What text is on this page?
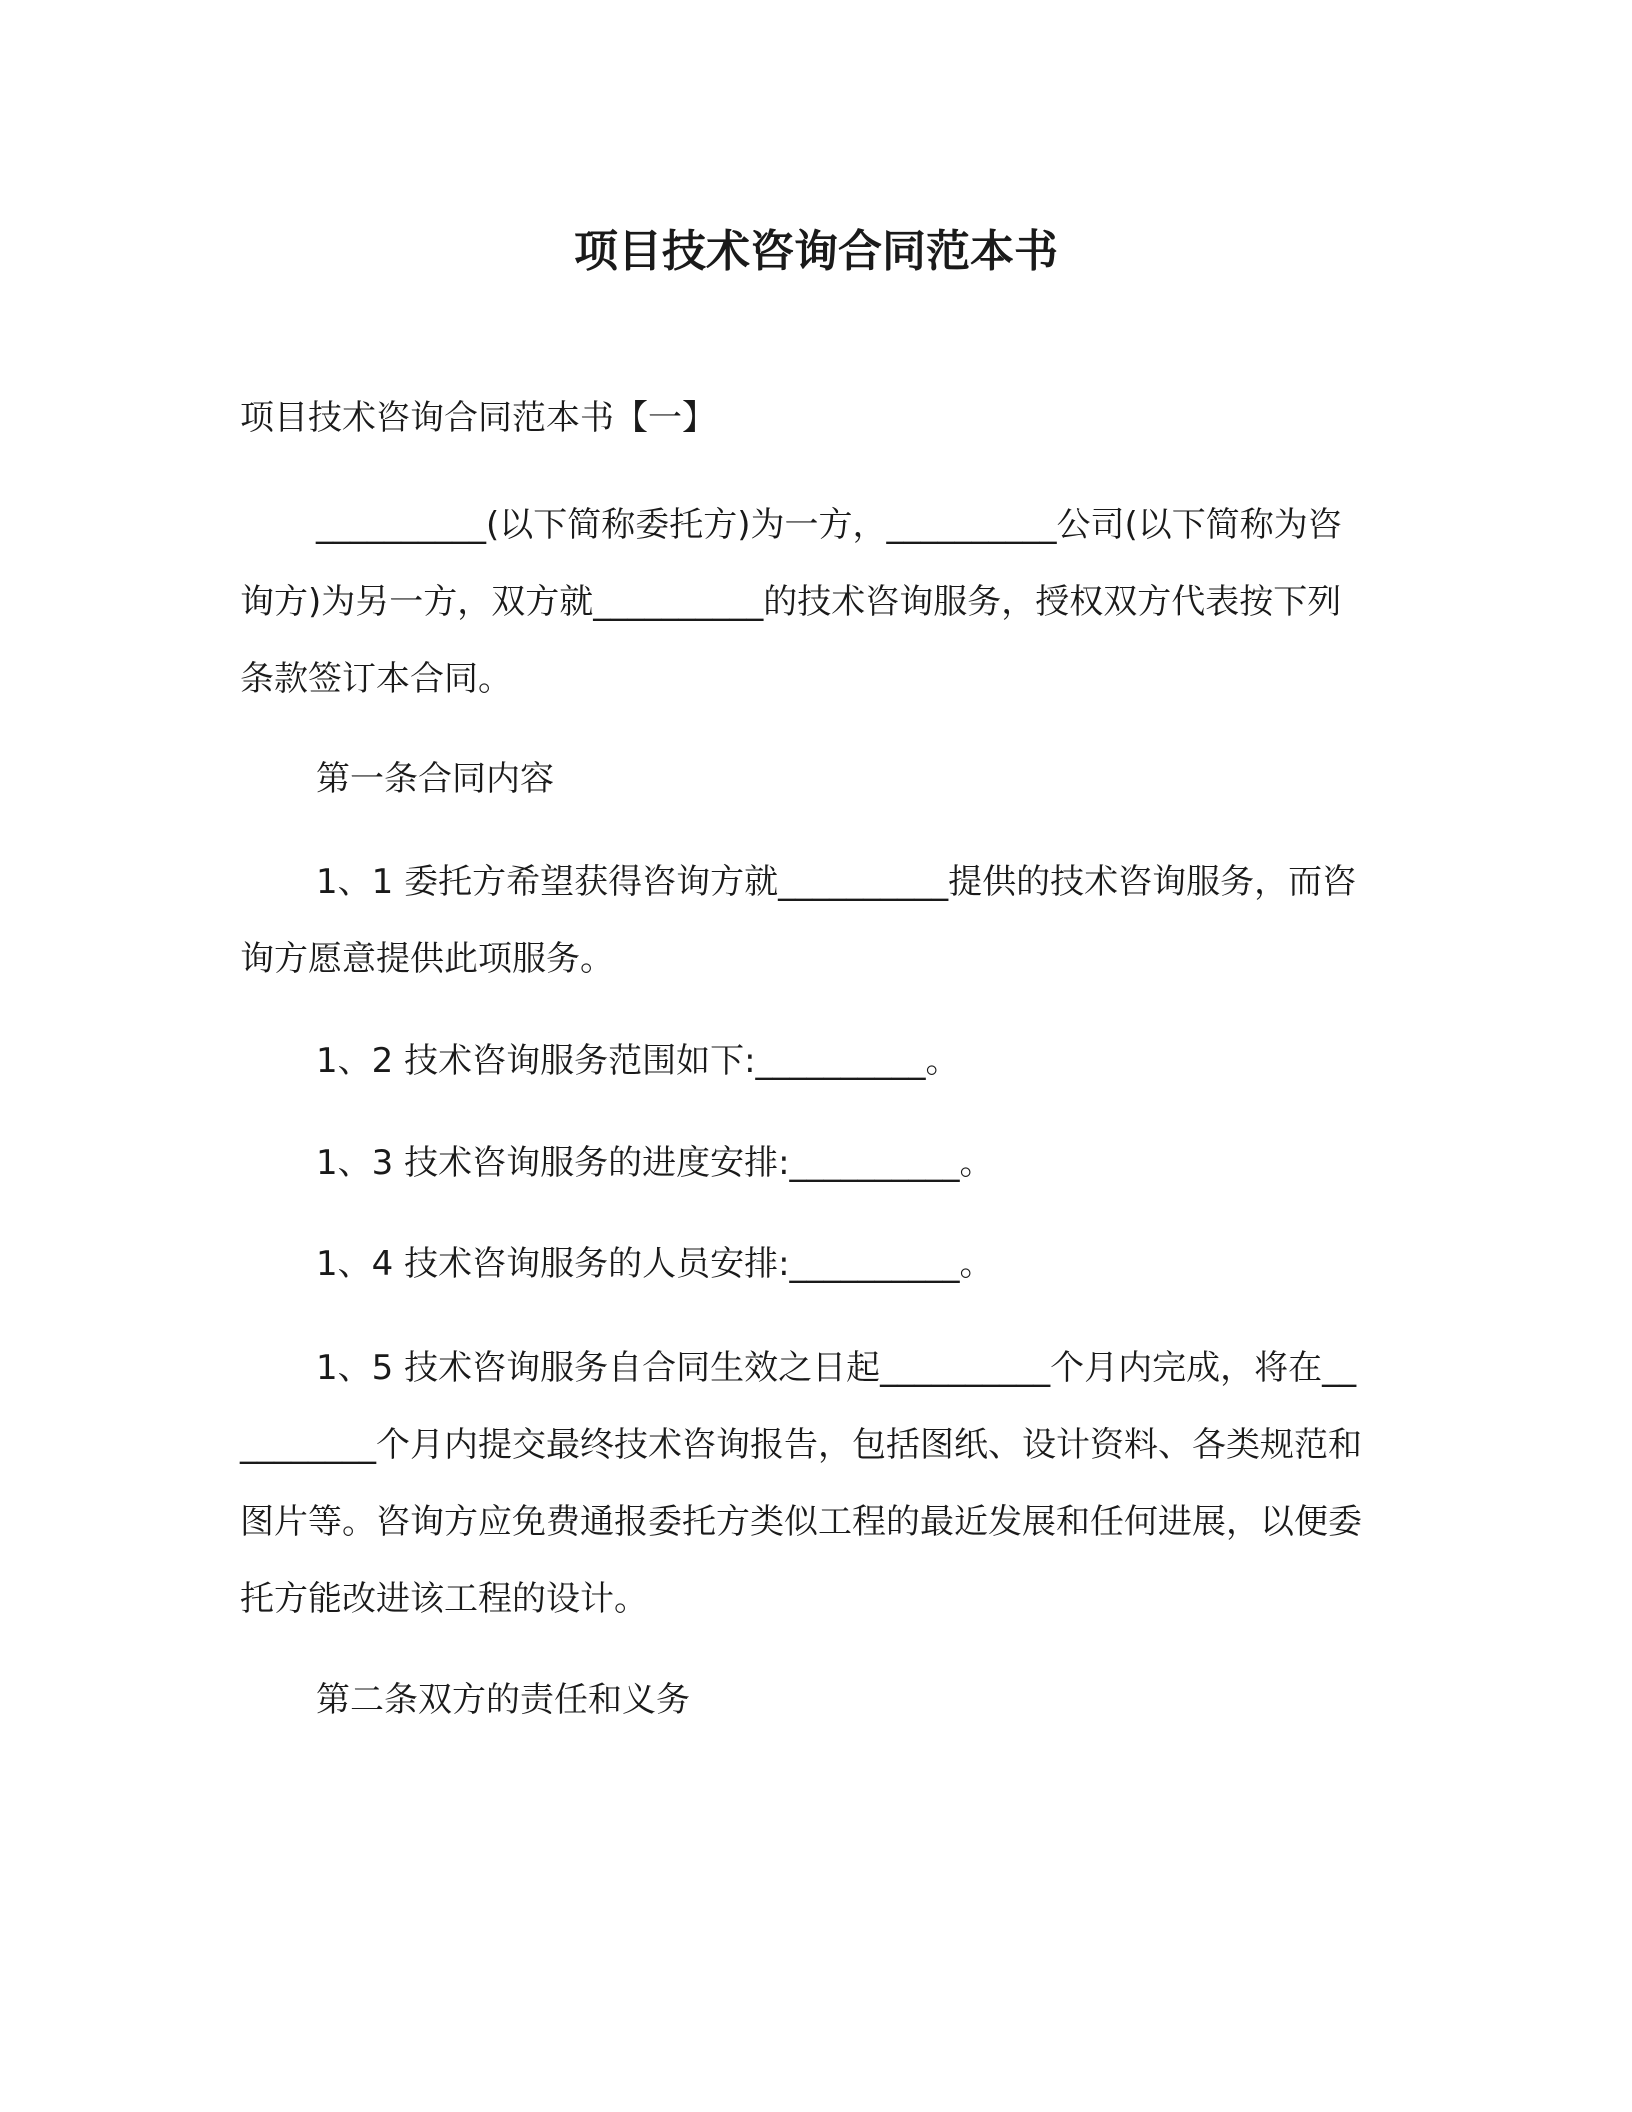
项目技术咨询合同范本书

项目技术咨询合同范本书【一】

__________(以下简称委托方)为一方，__________公司(以下简称为咨询方)为另一方，双方就__________的技术咨询服务，授权双方代表按下列条款签订本合同。

第一条合同内容

1、1 委托方希望获得咨询方就__________提供的技术咨询服务，而咨询方愿意提供此项服务。

1、2 技术咨询服务范围如下:__________。

1、3 技术咨询服务的进度安排:__________。

1、4 技术咨询服务的人员安排:__________。

1、5 技术咨询服务自合同生效之日起__________个月内完成，将在__________个月内提交最终技术咨询报告，包括图纸、设计资料、各类规范和图片等。咨询方应免费通报委托方类似工程的最近发展和任何进展，以便委托方能改进该工程的设计。

第二条双方的责任和义务
